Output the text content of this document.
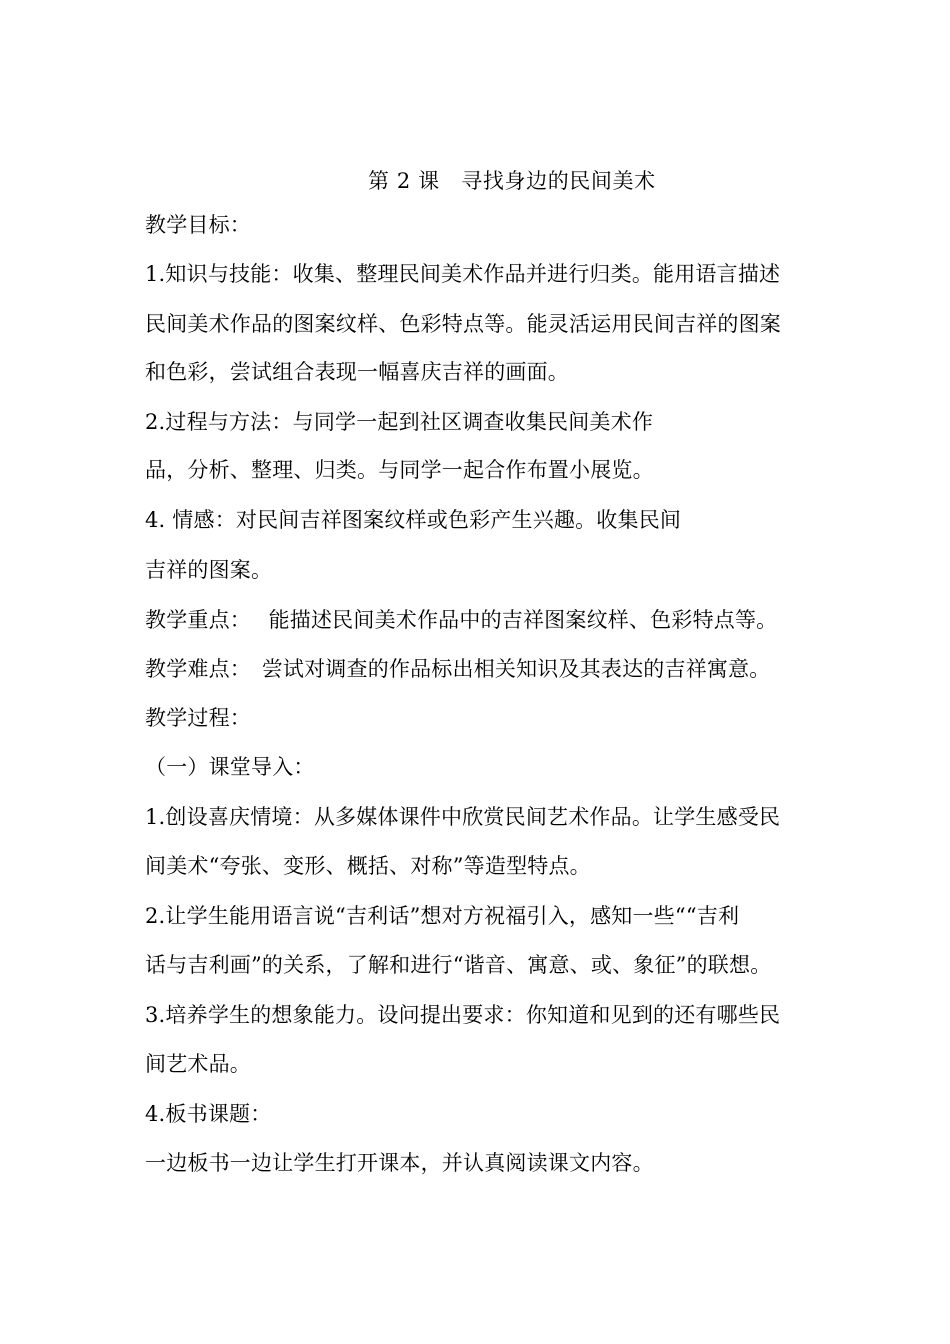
第 2 课　寻找身边的民间美术
教学目标：
1.知识与技能：收集、整理民间美术作品并进行归类。能用语言描述
民间美术作品的图案纹样、色彩特点等。能灵活运用民间吉祥的图案
和色彩，尝试组合表现一幅喜庆吉祥的画面。
2.过程与方法：与同学一起到社区调查收集民间美术作
品，分析、整理、归类。与同学一起合作布置小展览。
4. 情感：对民间吉祥图案纹样或色彩产生兴趣。收集民间
吉祥的图案。
教学重点：　 能描述民间美术作品中的吉祥图案纹样、色彩特点等。
教学难点：　尝试对调查的作品标出相关知识及其表达的吉祥寓意。
教学过程：
（一）课堂导入：
1.创设喜庆情境：从多媒体课件中欣赏民间艺术作品。让学生感受民
间美术“夸张、变形、概括、对称”等造型特点。
2.让学生能用语言说“吉利话”想对方祝福引入，感知一些““吉利
话与吉利画”的关系，了解和进行“谐音、寓意、或、象征”的联想。
3.培养学生的想象能力。设问提出要求：你知道和见到的还有哪些民
间艺术品。
4.板书课题：
一边板书一边让学生打开课本，并认真阅读课文内容。
